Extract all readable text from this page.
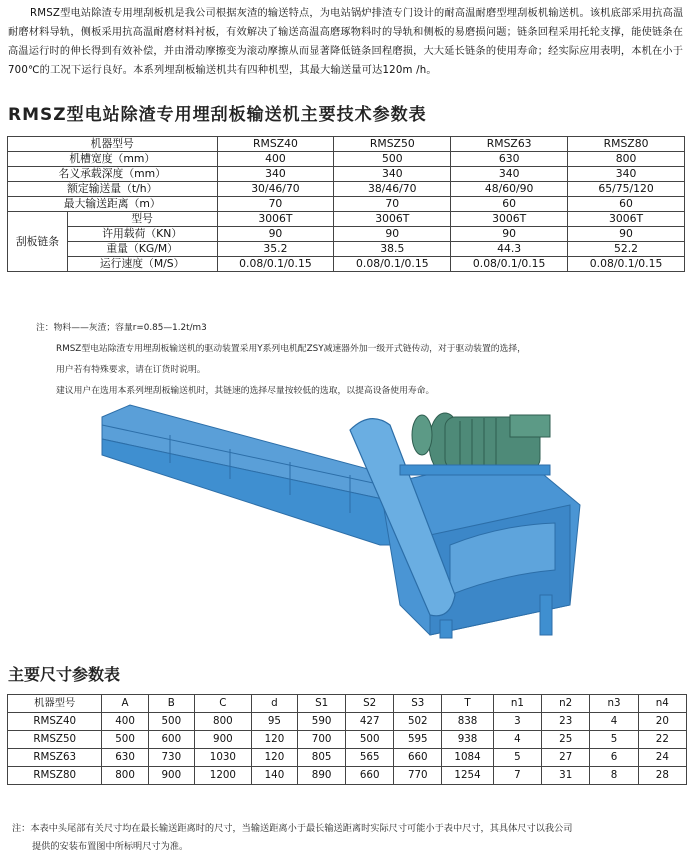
RMSZ型电站除渣专用埋刮板机是我公司根据灰渣的输送特点，为电站锅炉排渣专门设计的耐高温耐磨型埋刮板机输送机。该机底部采用抗高温耐磨材料导轨，侧板采用抗高温耐磨材料衬板，有效解决了输送高温高磨琢物料时的导轨和侧板的易磨损问题；链条回程采用托轮支撑，能使链条在高温运行时的伸长得到有效补偿，并由滑动摩擦变为滚动摩擦从而显著降低链条回程磨损，大大延长链条的使用寿命；经实际应用表明，本机在小于700℃的工况下运行良好。本系列埋刮板输送机共有四种机型，其最大输送量可达120m /h。
RMSZ型电站除渣专用埋刮板输送机主要技术参数表
机器型号		RMSZ40	RMSZ50	RMSZ63	RMSZ80
机槽宽度（mm）		400	500	630	800
名义承载深度（mm）		340	340	340	340
额定输送量（t/h）		30/46/70	38/46/70	48/60/90	65/75/120
最大输送距离（m）		70	70	60	60
刮板链条	型号	3006T	3006T	3006T	3006T
	许用载荷（KN）	90	90	90	90
	重量（KG/M）	35.2	38.5	44.3	52.2
	运行速度（M/S）	0.08/0.1/0.15	0.08/0.1/0.15	0.08/0.1/0.15	0.08/0.1/0.15
注：物料——灰渣；容量r=0.85—1.2t/m3
RMSZ型电站除渣专用埋刮板输送机的驱动装置采用Y系列电机配ZSY减速器外加一级开式链传动，对于驱动装置的选择，
用户若有特殊要求，请在订货时说明。
建议用户在选用本系列埋刮板输送机时，其链速的选择尽量按较低的选取，以提高设备使用寿命。
主要尺寸参数表
机器型号	A	B	C	d	S1	S2	S3	T	n1	n2	n3	n4
RMSZ40	400	500	800	95	590	427	502	838	3	23	4	20
RMSZ50	500	600	900	120	700	500	595	938	4	25	5	22
RMSZ63	630	730	1030	120	805	565	660	1084	5	27	6	24
RMSZ80	800	900	1200	140	890	660	770	1254	7	31	8	28
注：本表中头尾部有关尺寸均在最长输送距离时的尺寸，当输送距离小于最长输送距离时实际尺寸可能小于表中尺寸，其具体尺寸以我公司
提供的安装布置图中所标明尺寸为准。
